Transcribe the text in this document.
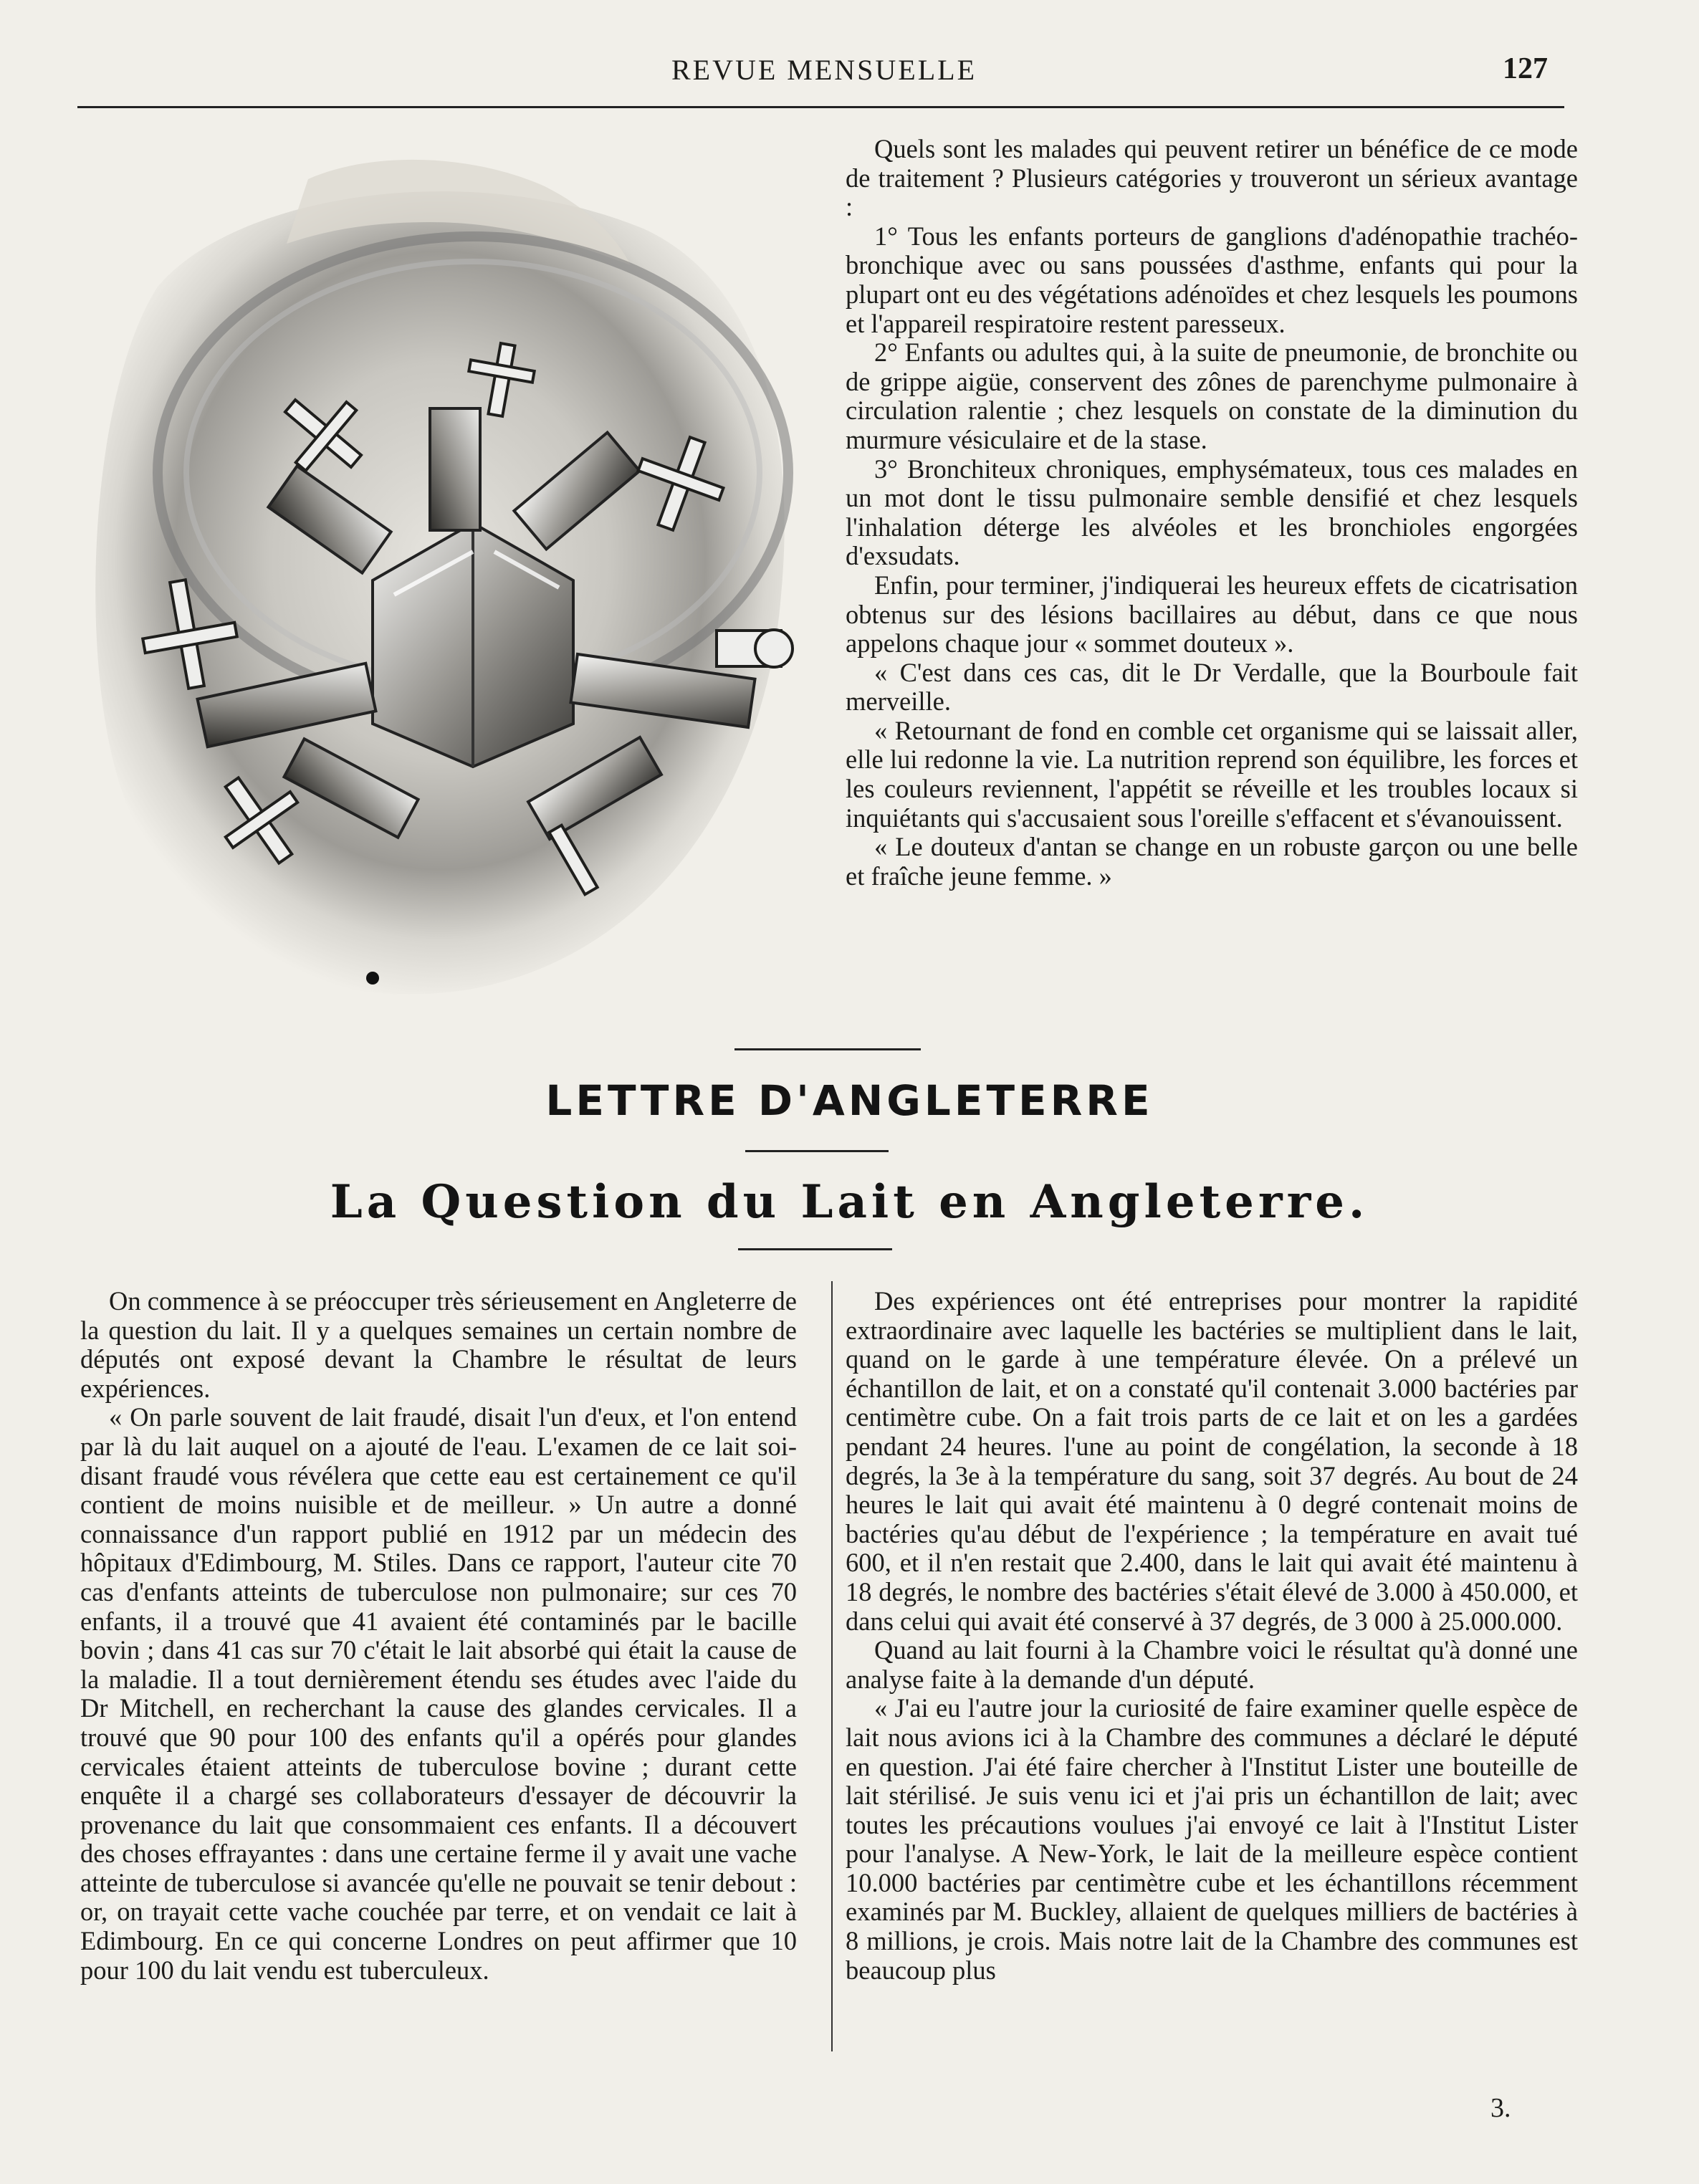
REVUE MENSUELLE	127

Quels sont les malades qui peuvent retirer un bénéfice de ce mode de traitement ? Plusieurs catégories y trouveront un sérieux avantage :

1° Tous les enfants porteurs de ganglions d'adénopathie trachéo-bronchique avec ou sans poussées d'asthme, enfants qui pour la plupart ont eu des végétations adénoïdes et chez lesquels les poumons et l'appareil respiratoire restent paresseux.

2° Enfants ou adultes qui, à la suite de pneumonie, de bronchite ou de grippe aigüe, conservent des zônes de parenchyme pulmonaire à circulation ralentie ; chez lesquels on constate de la diminution du murmure vésiculaire et de la stase.

3° Bronchiteux chroniques, emphysémateux, tous ces malades en un mot dont le tissu pulmonaire semble densifié et chez lesquels l'inhalation déterge les alvéoles et les bronchioles engorgées d'exsudats.

Enfin, pour terminer, j'indiquerai les heureux effets de cicatrisation obtenus sur des lésions bacillaires au début, dans ce que nous appelons chaque jour « sommet douteux ».

« C'est dans ces cas, dit le Dr Verdalle, que la Bourboule fait merveille.

« Retournant de fond en comble cet organisme qui se laissait aller, elle lui redonne la vie. La nutrition reprend son équilibre, les forces et les couleurs reviennent, l'appétit se réveille et les troubles locaux si inquiétants qui s'accusaient sous l'oreille s'effacent et s'évanouissent.

« Le douteux d'antan se change en un robuste garçon ou une belle et fraîche jeune femme. »

LETTRE D'ANGLETERRE
La Question du Lait en Angleterre.

On commence à se préoccuper très sérieusement en Angleterre de la question du lait. Il y a quelques semaines un certain nombre de députés ont exposé devant la Chambre le résultat de leurs expériences.

« On parle souvent de lait fraudé, disait l'un d'eux, et l'on entend par là du lait auquel on a ajouté de l'eau. L'examen de ce lait soi-disant fraudé vous révélera que cette eau est certainement ce qu'il contient de moins nuisible et de meilleur. » Un autre a donné connaissance d'un rapport publié en 1912 par un médecin des hôpitaux d'Edimbourg, M. Stiles. Dans ce rapport, l'auteur cite 70 cas d'enfants atteints de tuberculose non pulmonaire; sur ces 70 enfants, il a trouvé que 41 avaient été contaminés par le bacille bovin ; dans 41 cas sur 70 c'était le lait absorbé qui était la cause de la maladie. Il a tout dernièrement étendu ses études avec l'aide du Dr Mitchell, en recherchant la cause des glandes cervicales. Il a trouvé que 90 pour 100 des enfants qu'il a opérés pour glandes cervicales étaient atteints de tuberculose bovine ; durant cette enquête il a chargé ses collaborateurs d'essayer de découvrir la provenance du lait que consommaient ces enfants. Il a découvert des choses effrayantes : dans une certaine ferme il y avait une vache atteinte de tuberculose si avancée qu'elle ne pouvait se tenir debout : or, on trayait cette vache couchée par terre, et on vendait ce lait à Edimbourg. En ce qui concerne Londres on peut affirmer que 10 pour 100 du lait vendu est tuberculeux.

Des expériences ont été entreprises pour montrer la rapidité extraordinaire avec laquelle les bactéries se multiplient dans le lait, quand on le garde à une température élevée. On a prélevé un échantillon de lait, et on a constaté qu'il contenait 3.000 bactéries par centimètre cube. On a fait trois parts de ce lait et on les a gardées pendant 24 heures. l'une au point de congélation, la seconde à 18 degrés, la 3e à la température du sang, soit 37 degrés. Au bout de 24 heures le lait qui avait été maintenu à 0 degré contenait moins de bactéries qu'au début de l'expérience ; la température en avait tué 600, et il n'en restait que 2.400, dans le lait qui avait été maintenu à 18 degrés, le nombre des bactéries s'était élevé de 3.000 à 450.000, et dans celui qui avait été conservé à 37 degrés, de 3 000 à 25.000.000.

Quand au lait fourni à la Chambre voici le résultat qu'à donné une analyse faite à la demande d'un député.

« J'ai eu l'autre jour la curiosité de faire examiner quelle espèce de lait nous avions ici à la Chambre des communes a déclaré le député en question. J'ai été faire chercher à l'Institut Lister une bouteille de lait stérilisé. Je suis venu ici et j'ai pris un échantillon de lait; avec toutes les précautions voulues j'ai envoyé ce lait à l'Institut Lister pour l'analyse. A New-York, le lait de la meilleure espèce contient 10.000 bactéries par centimètre cube et les échantillons récemment examinés par M. Buckley, allaient de quelques milliers de bactéries à 8 millions, je crois. Mais notre lait de la Chambre des communes est beaucoup plus

3.
